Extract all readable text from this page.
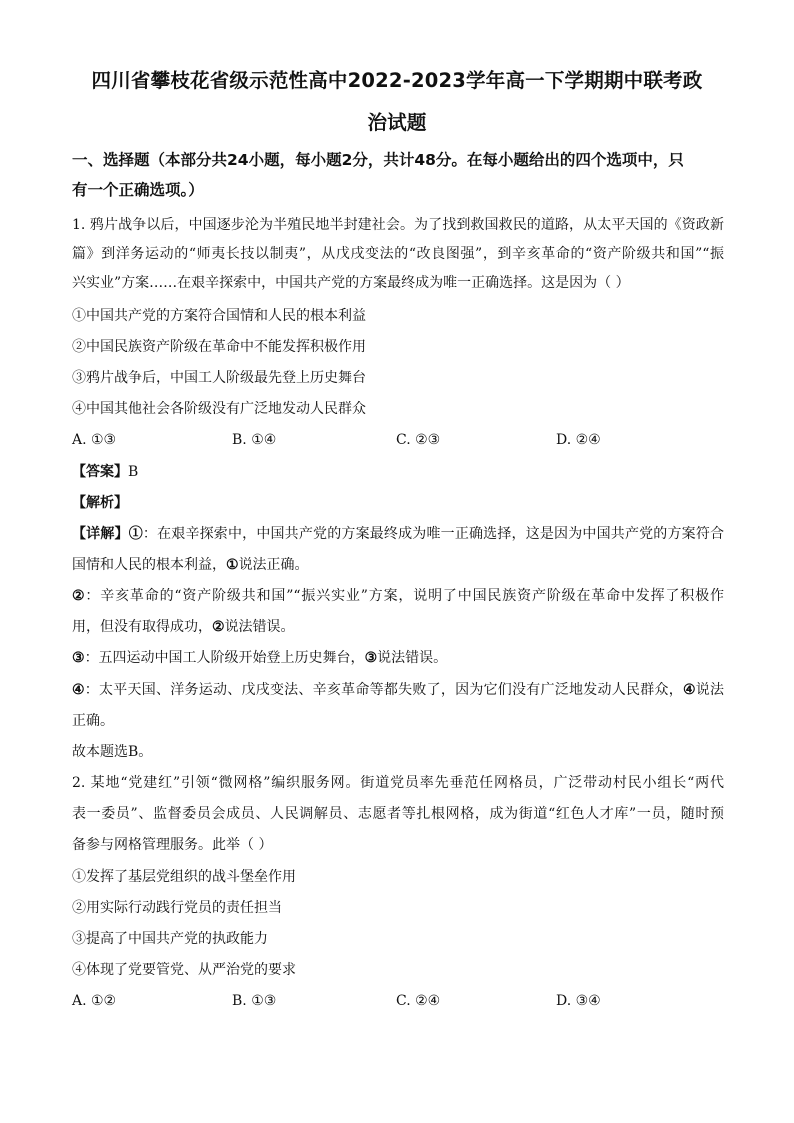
四川省攀枝花省级示范性高中2022-2023学年高一下学期期中联考政
治试题
一、选择题（本部分共24小题，每小题2分，共计48分。在每小题给出的四个选项中，只
有一个正确选项。）
1. 鸦片战争以后，中国逐步沦为半殖民地半封建社会。为了找到救国救民的道路，从太平天国的《资政新
篇》到洋务运动的“师夷长技以制夷”，从戊戌变法的“改良图强”，到辛亥革命的“资产阶级共和国”“振
兴实业”方案……在艰辛探索中，中国共产党的方案最终成为唯一正确选择。这是因为（ ）
①中国共产党的方案符合国情和人民的根本利益
②中国民族资产阶级在革命中不能发挥积极作用
③鸦片战争后，中国工人阶级最先登上历史舞台
④中国其他社会各阶级没有广泛地发动人民群众
A. ①③	B. ①④	C. ②③	D. ②④
【答案】B
【解析】
【详解】①：在艰辛探索中，中国共产党的方案最终成为唯一正确选择，这是因为中国共产党的方案符合
国情和人民的根本利益，①说法正确。
②：辛亥革命的“资产阶级共和国”“振兴实业”方案，说明了中国民族资产阶级在革命中发挥了积极作
用，但没有取得成功，②说法错误。
③：五四运动中国工人阶级开始登上历史舞台，③说法错误。
④：太平天国、洋务运动、戊戌变法、辛亥革命等都失败了，因为它们没有广泛地发动人民群众，④说法
正确。
故本题选B。
2. 某地“党建红”引领“微网格”编织服务网。街道党员率先垂范任网格员，广泛带动村民小组长“两代
表一委员”、监督委员会成员、人民调解员、志愿者等扎根网格，成为街道“红色人才库”一员，随时预
备参与网格管理服务。此举（ ）
①发挥了基层党组织的战斗堡垒作用
②用实际行动践行党员的责任担当
③提高了中国共产党的执政能力
④体现了党要管党、从严治党的要求
A. ①②	B. ①③	C. ②④	D. ③④
